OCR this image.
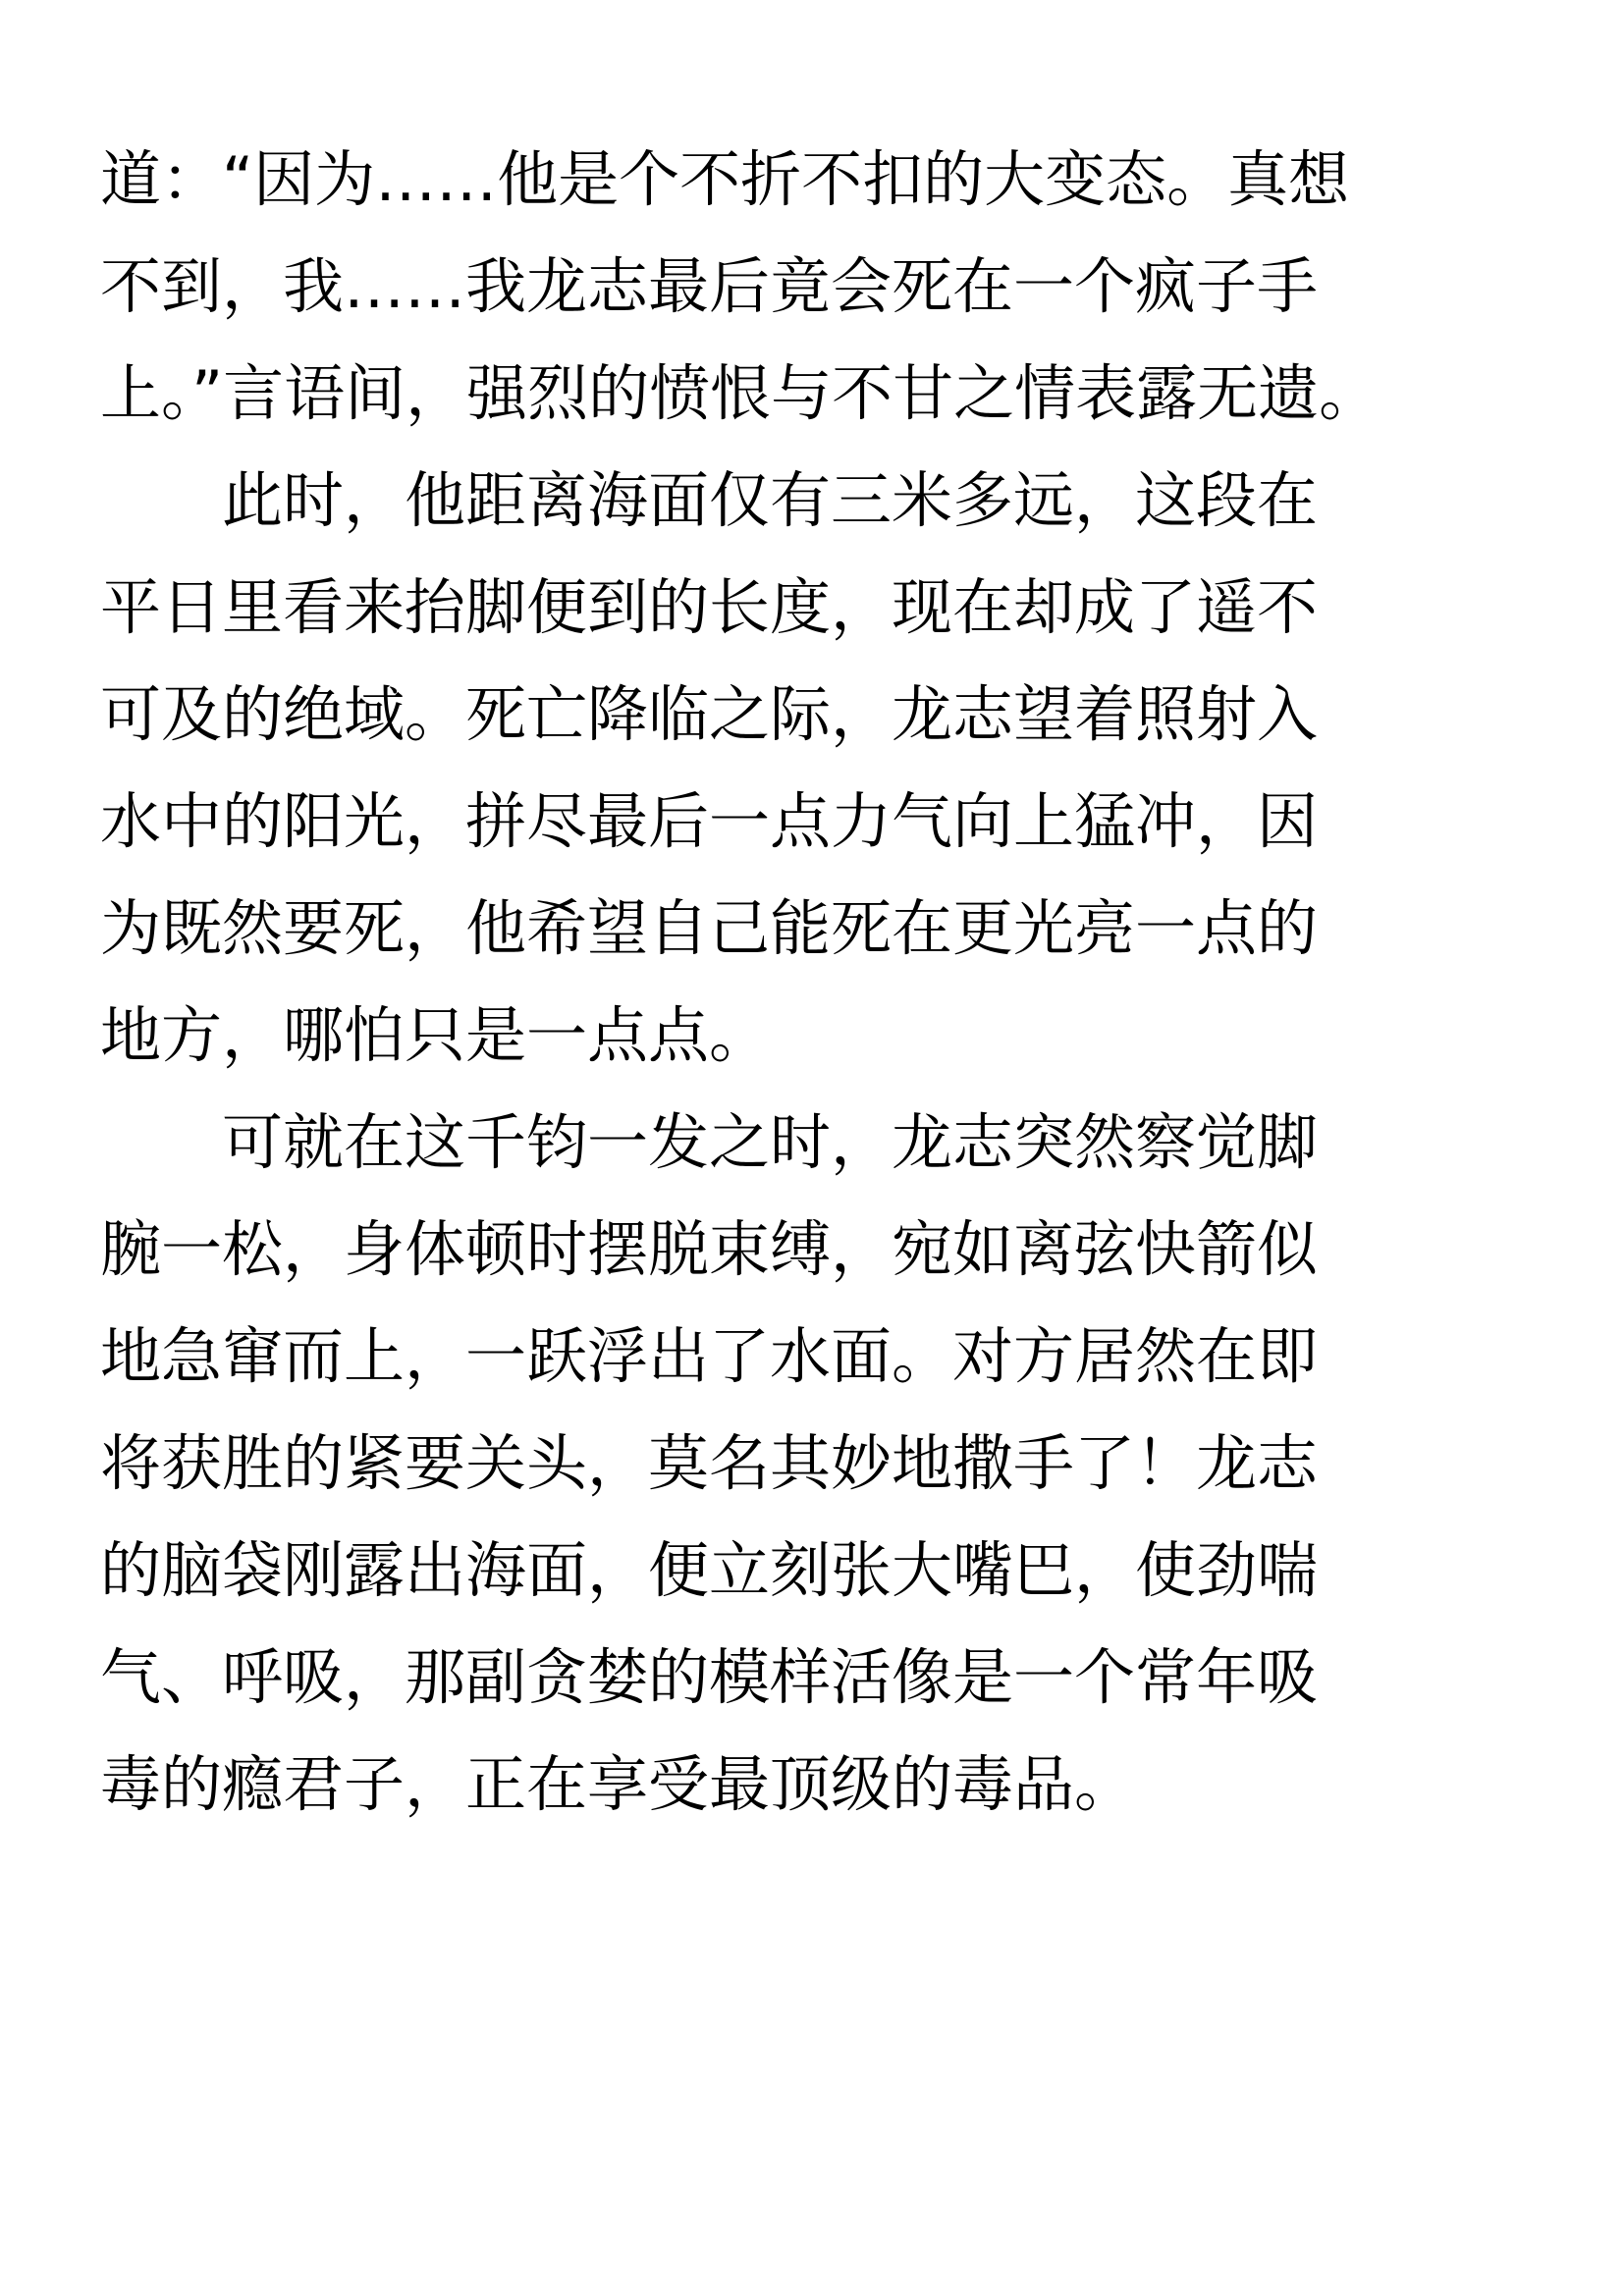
道：“因为……他是个不折不扣的大变态。真想
不到，我……我龙志最后竟会死在一个疯子手
上。”言语间，强烈的愤恨与不甘之情表露无遗。
此时，他距离海面仅有三米多远，这段在
平日里看来抬脚便到的长度，现在却成了遥不
可及的绝域。死亡降临之际，龙志望着照射入
水中的阳光，拼尽最后一点力气向上猛冲，因
为既然要死，他希望自己能死在更光亮一点的
地方，哪怕只是一点点。
可就在这千钧一发之时，龙志突然察觉脚
腕一松，身体顿时摆脱束缚，宛如离弦快箭似
地急窜而上，一跃浮出了水面。对方居然在即
将获胜的紧要关头，莫名其妙地撒手了！龙志
的脑袋刚露出海面，便立刻张大嘴巴，使劲喘
气、呼吸，那副贪婪的模样活像是一个常年吸
毒的瘾君子，正在享受最顶级的毒品。
